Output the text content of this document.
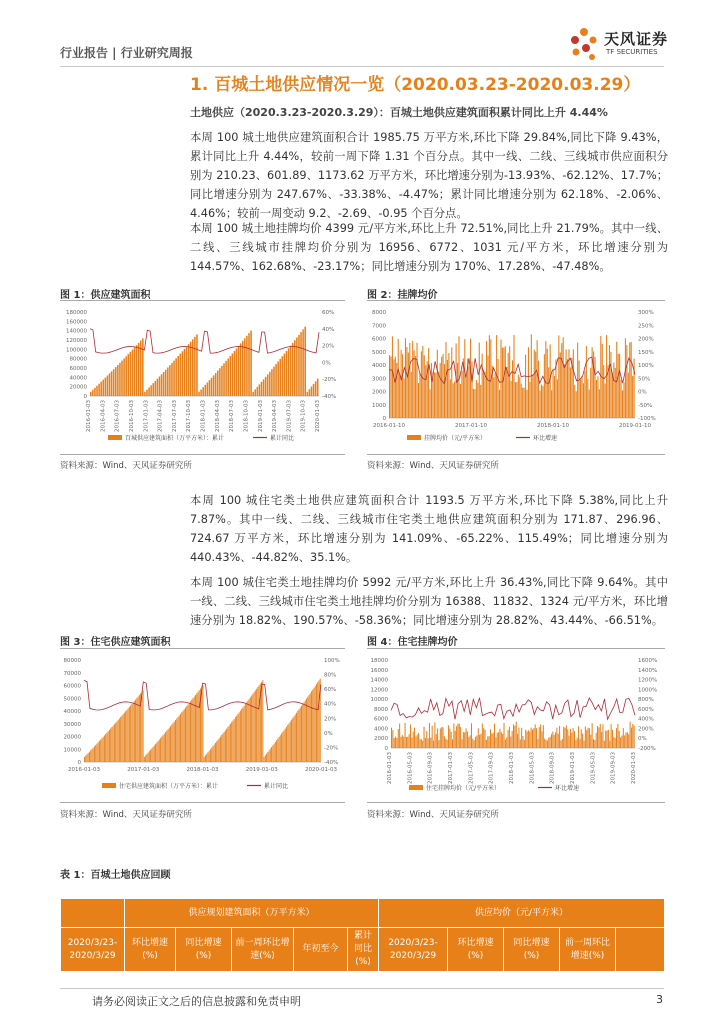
行业报告 | 行业研究周报
天风证券
TF SECURITIES
1. 百城土地供应情况一览（2020.03.23-2020.03.29）
土地供应（2020.3.23-2020.3.29）：百城土地供应建筑面积累计同比上升 4.44%

本周 100 城土地供应建筑面积合计 1985.75 万平方米,环比下降 29.84%,同比下降 9.43%，累计同比上升 4.44%，较前一周下降 1.31 个百分点。其中一线、二线、三线城市供应面积分别为 210.23、601.89、1173.62 万平方米，环比增速分别为-13.93%、-62.12%、17.7%；同比增速分别为 247.67%、-33.38%、-4.47%；累计同比增速分别为 62.18%、-2.06%、4.46%；较前一周变动 9.2、-2.69、-0.95 个百分点。

本周 100 城土地挂牌均价 4399 元/平方米,环比上升 72.51%,同比上升 21.79%。其中一线、二线、三线城市挂牌均价分别为 16956、6772、1031 元/平方米，环比增速分别为 144.57%、162.68%、-23.17%；同比增速分别为 170%、17.28%、-47.48%。

图 1：供应建筑面积
180000
160000
140000
120000
100000
80000
60000
40000
20000
0
60%
40%
20%
0%
-20%
-40%
2016-01-03 2016-04-03 2016-07-03 2016-10-03 2017-01-03 2017-04-03 2017-07-03 2017-10-03 2018-01-03 2018-04-03 2018-07-03 2018-10-03 2019-01-03 2019-04-03 2019-07-03 2019-10-03 2020-01-03
百城供应建筑面积（万平方米）：累计	累计同比
资料来源：Wind、天风证券研究所
图 2：挂牌均价
8000
7000
6000
5000
4000
3000
2000
1000
0
300%
250%
200%
150%
100%
50%
0%
-50%
-100%
2016-01-10	2017-01-10	2018-01-10	2019-01-10
挂牌均价（元/平方米）	环比增速
资料来源：Wind、天风证券研究所

本周 100 城住宅类土地供应建筑面积合计 1193.5 万平方米,环比下降 5.38%,同比上升 7.87%。其中一线、二线、三线城市住宅类土地供应建筑面积分别为 171.87、296.96、724.67 万平方米，环比增速分别为 141.09%、-65.22%、115.49%；同比增速分别为 440.43%、-44.82%、35.1%。

本周 100 城住宅类土地挂牌均价 5992 元/平方米,环比上升 36.43%,同比下降 9.64%。其中一线、二线、三线城市住宅类土地挂牌均价分别为 16388、11832、1324 元/平方米，环比增速分别为 18.82%、190.57%、-58.36%；同比增速分别为 28.82%、43.44%、-66.51%。

图 3：住宅供应建筑面积
80000
70000
60000
50000
40000
30000
20000
10000
0
100%
80%
60%
40%
20%
0%
-20%
-40%
2016-01-03	2017-01-03	2018-01-03	2019-01-03	2020-01-03
住宅供应建筑面积（万平方米）：累计	累计同比
资料来源：Wind、天风证券研究所
图 4：住宅挂牌均价
18000
16000
14000
12000
10000
8000
6000
4000
2000
0
1600%
1400%
1200%
1000%
800%
600%
400%
200%
0%
-200%
2016-01-03	2016-05-03	2016-09-03	2017-01-03	2017-05-03	2017-09-03	2018-01-03	2018-05-03	2018-09-03	2019-01-03	2019-05-03	2019-09-03	2020-01-03
住宅挂牌均价（元/平方米）	环比增速
资料来源：Wind、天风证券研究所
表 1：百城土地供应回顾
	供应规划建筑面积（万平方米）					供应均价（元/平方米）				
2020/3/23-2020/3/29	环比增速(%)	同比增速(%)	前一周环比增速(%)	年初至今	累计同比(%)	2020/3/23-2020/3/29	环比增速(%)	同比增速(%)	前一周环比增速(%)	
请务必阅读正文之后的信息披露和免责申明	3
